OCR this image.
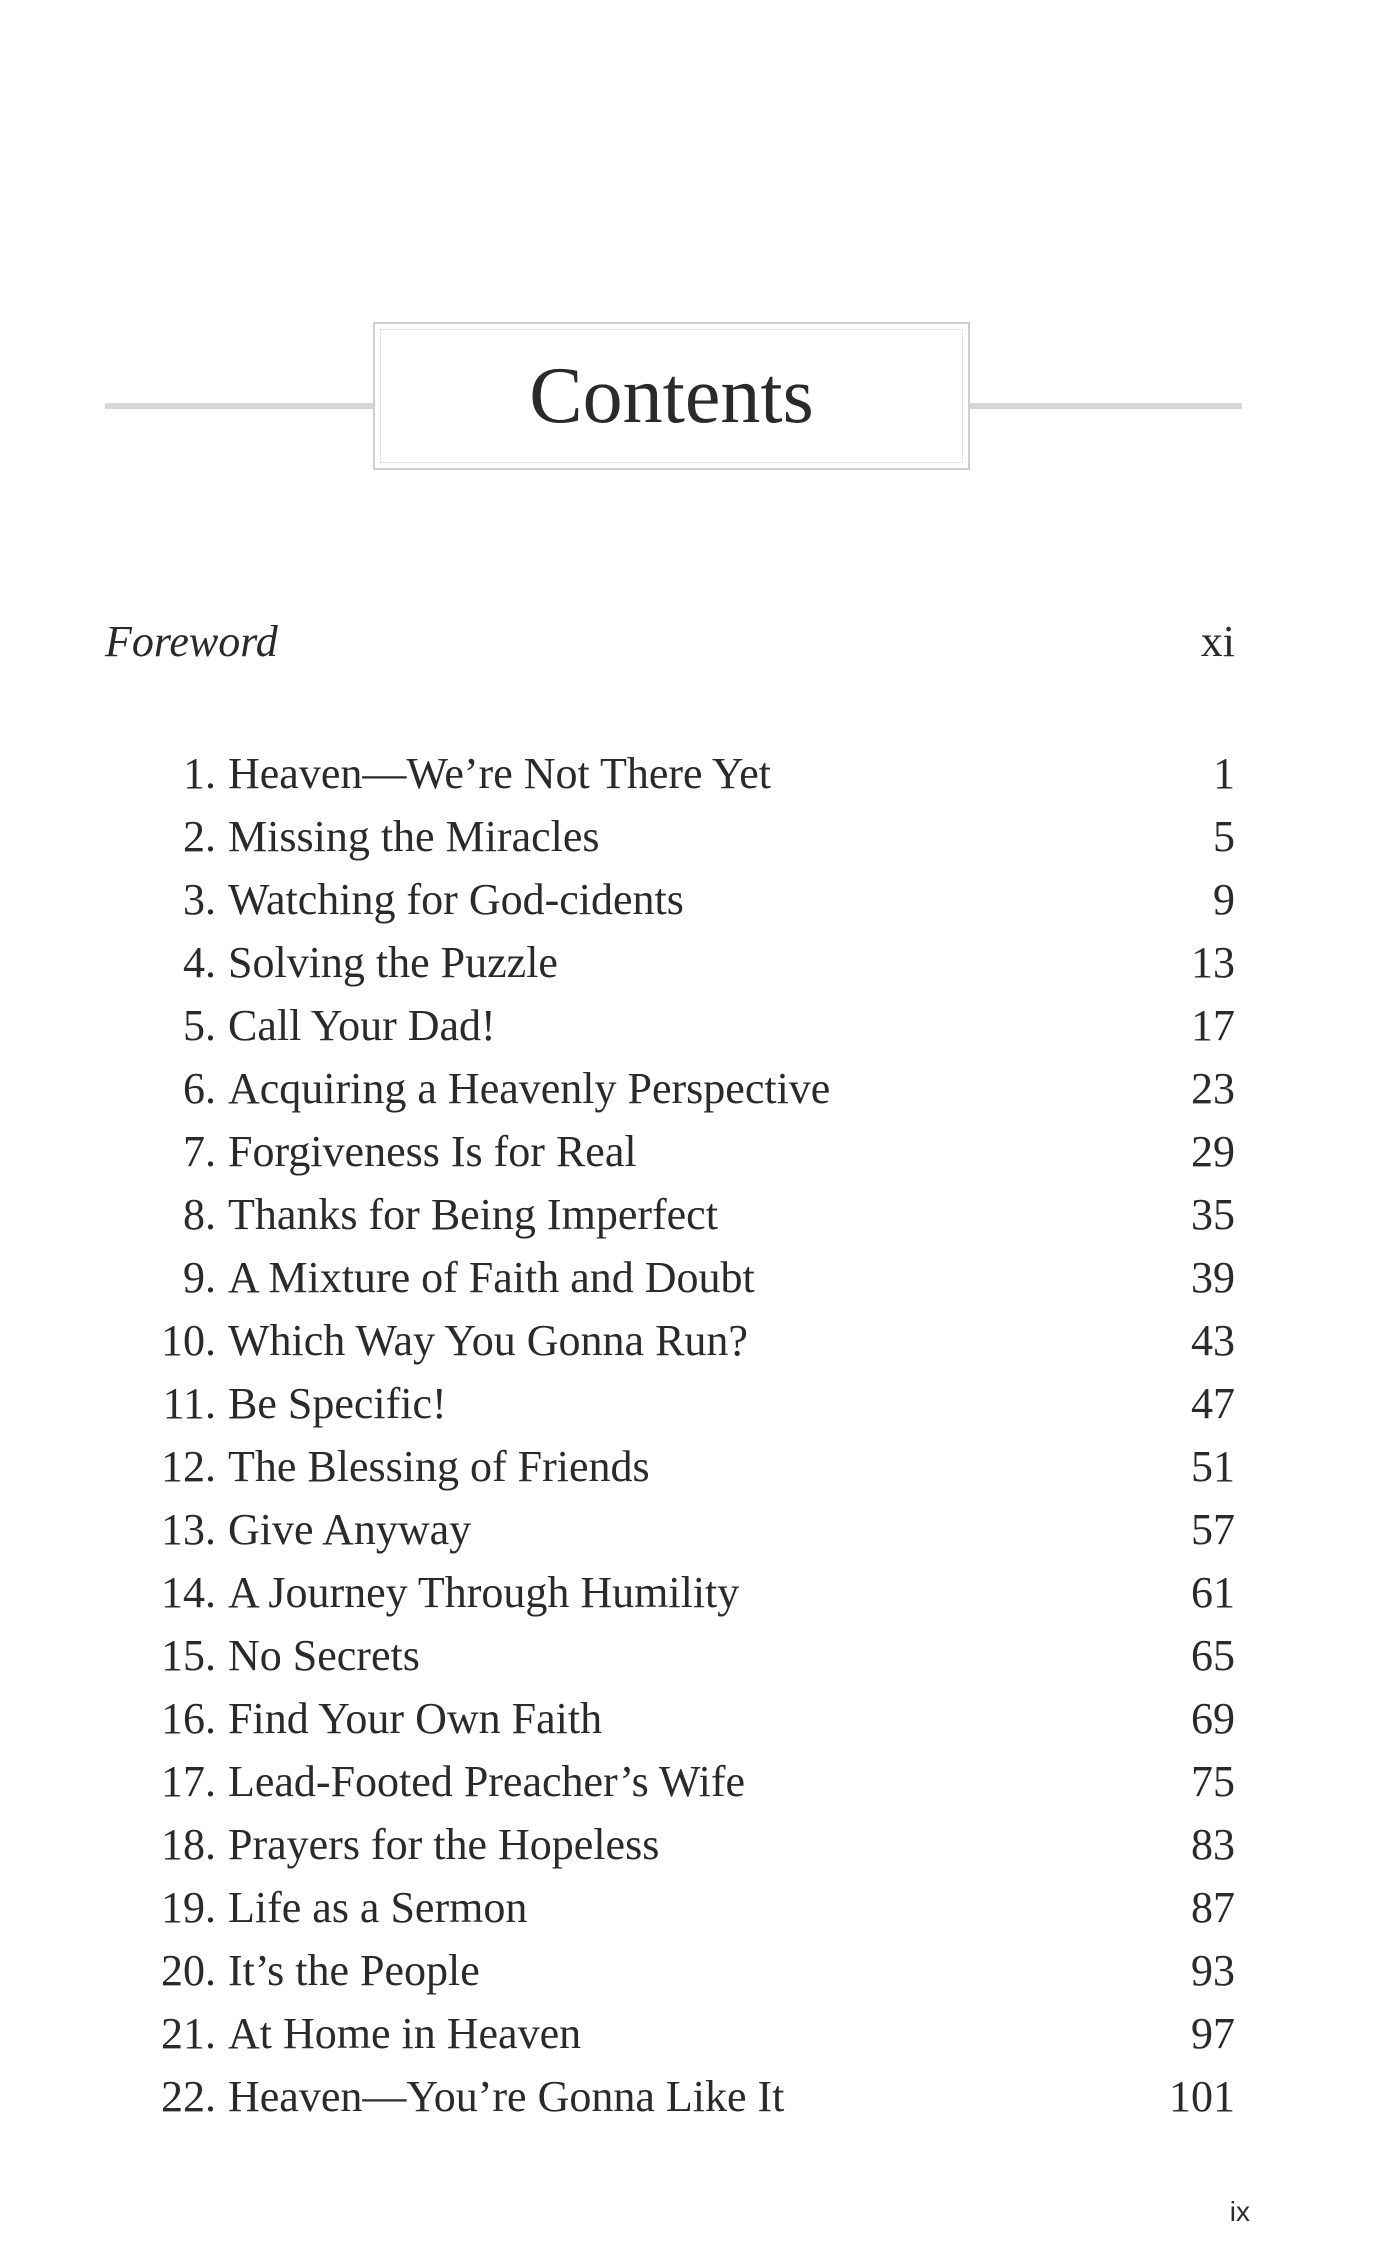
Contents
Foreword	xi
1. Heaven—We’re Not There Yet	1
2. Missing the Miracles	5
3. Watching for God-cidents	9
4. Solving the Puzzle	13
5. Call Your Dad!	17
6. Acquiring a Heavenly Perspective	23
7. Forgiveness Is for Real	29
8. Thanks for Being Imperfect	35
9. A Mixture of Faith and Doubt	39
10. Which Way You Gonna Run?	43
11. Be Specific!	47
12. The Blessing of Friends	51
13. Give Anyway	57
14. A Journey Through Humility	61
15. No Secrets	65
16. Find Your Own Faith	69
17. Lead-Footed Preacher’s Wife	75
18. Prayers for the Hopeless	83
19. Life as a Sermon	87
20. It’s the People	93
21. At Home in Heaven	97
22. Heaven—You’re Gonna Like It	101
ix
